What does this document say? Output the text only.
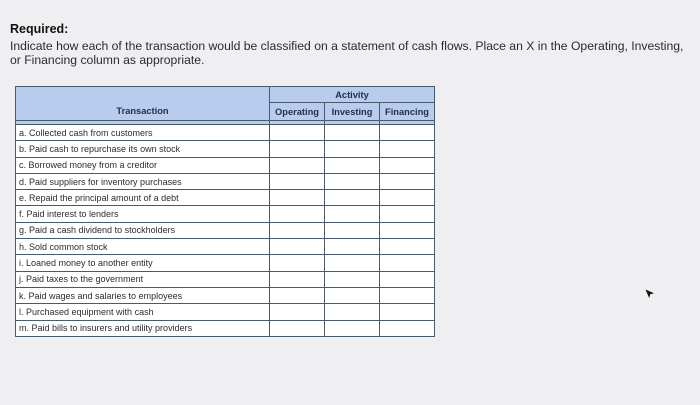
Required:
Indicate how each of the transaction would be classified on a statement of cash flows. Place an X in the Operating, Investing, or Financing column as appropriate.
	Activity		
Transaction	Operating	Investing	Financing

a. Collected cash from customers			
b. Paid cash to repurchase its own stock			
c. Borrowed money from a creditor			
d. Paid suppliers for inventory purchases			
e. Repaid the principal amount of a debt			
f. Paid interest to lenders			
g. Paid a cash dividend to stockholders			
h. Sold common stock			
i. Loaned money to another entity			
j. Paid taxes to the government			
k. Paid wages and salaries to employees			
l. Purchased equipment with cash			
m. Paid bills to insurers and utility providers			
